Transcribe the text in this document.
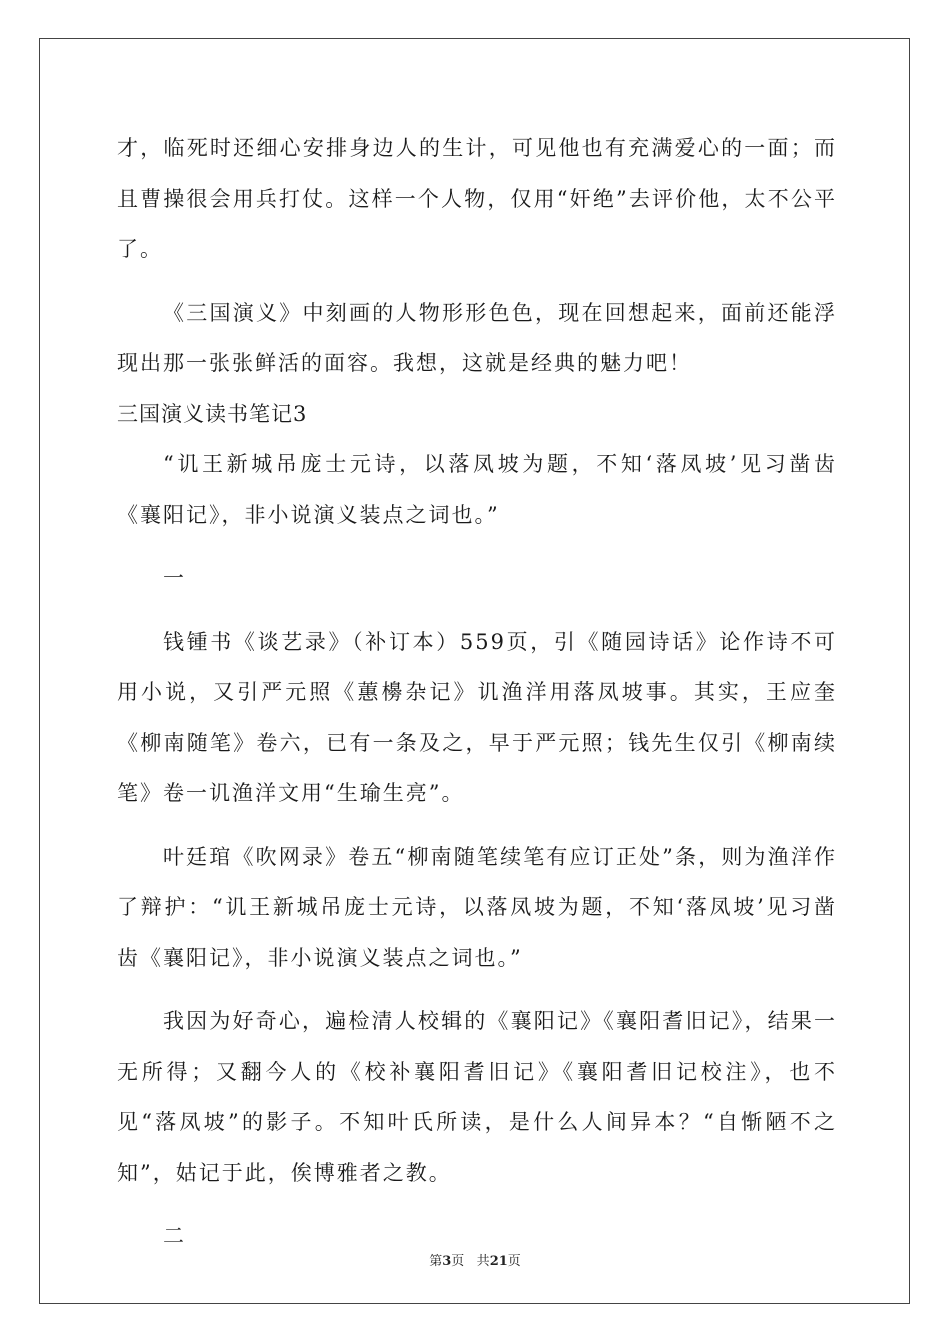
才，临死时还细心安排身边人的生计，可见他也有充满爱心的一面；而且曹操很会用兵打仗。这样一个人物，仅用“奸绝”去评价他，太不公平了。

《三国演义》中刻画的人物形形色色，现在回想起来，面前还能浮现出那一张张鲜活的面容。我想，这就是经典的魅力吧！

三国演义读书笔记3

“讥王新城吊庞士元诗，以落凤坡为题，不知‘落凤坡’见习凿齿《襄阳记》，非小说演义装点之词也。”

一

钱锺书《谈艺录》（补订本）559页，引《随园诗话》论作诗不可用小说，又引严元照《蕙櫋杂记》讥渔洋用落凤坡事。其实，王应奎《柳南随笔》卷六，已有一条及之，早于严元照；钱先生仅引《柳南续笔》卷一讥渔洋文用“生瑜生亮”。

叶廷琯《吹网录》卷五“柳南随笔续笔有应订正处”条，则为渔洋作了辩护：“讥王新城吊庞士元诗，以落凤坡为题，不知‘落凤坡’见习凿齿《襄阳记》，非小说演义装点之词也。”

我因为好奇心，遍检清人校辑的《襄阳记》《襄阳耆旧记》，结果一无所得；又翻今人的《校补襄阳耆旧记》《襄阳耆旧记校注》，也不见“落凤坡”的影子。不知叶氏所读，是什么人间异本？“自惭陋不之知”，姑记于此，俟博雅者之教。

二

第3页 共21页
